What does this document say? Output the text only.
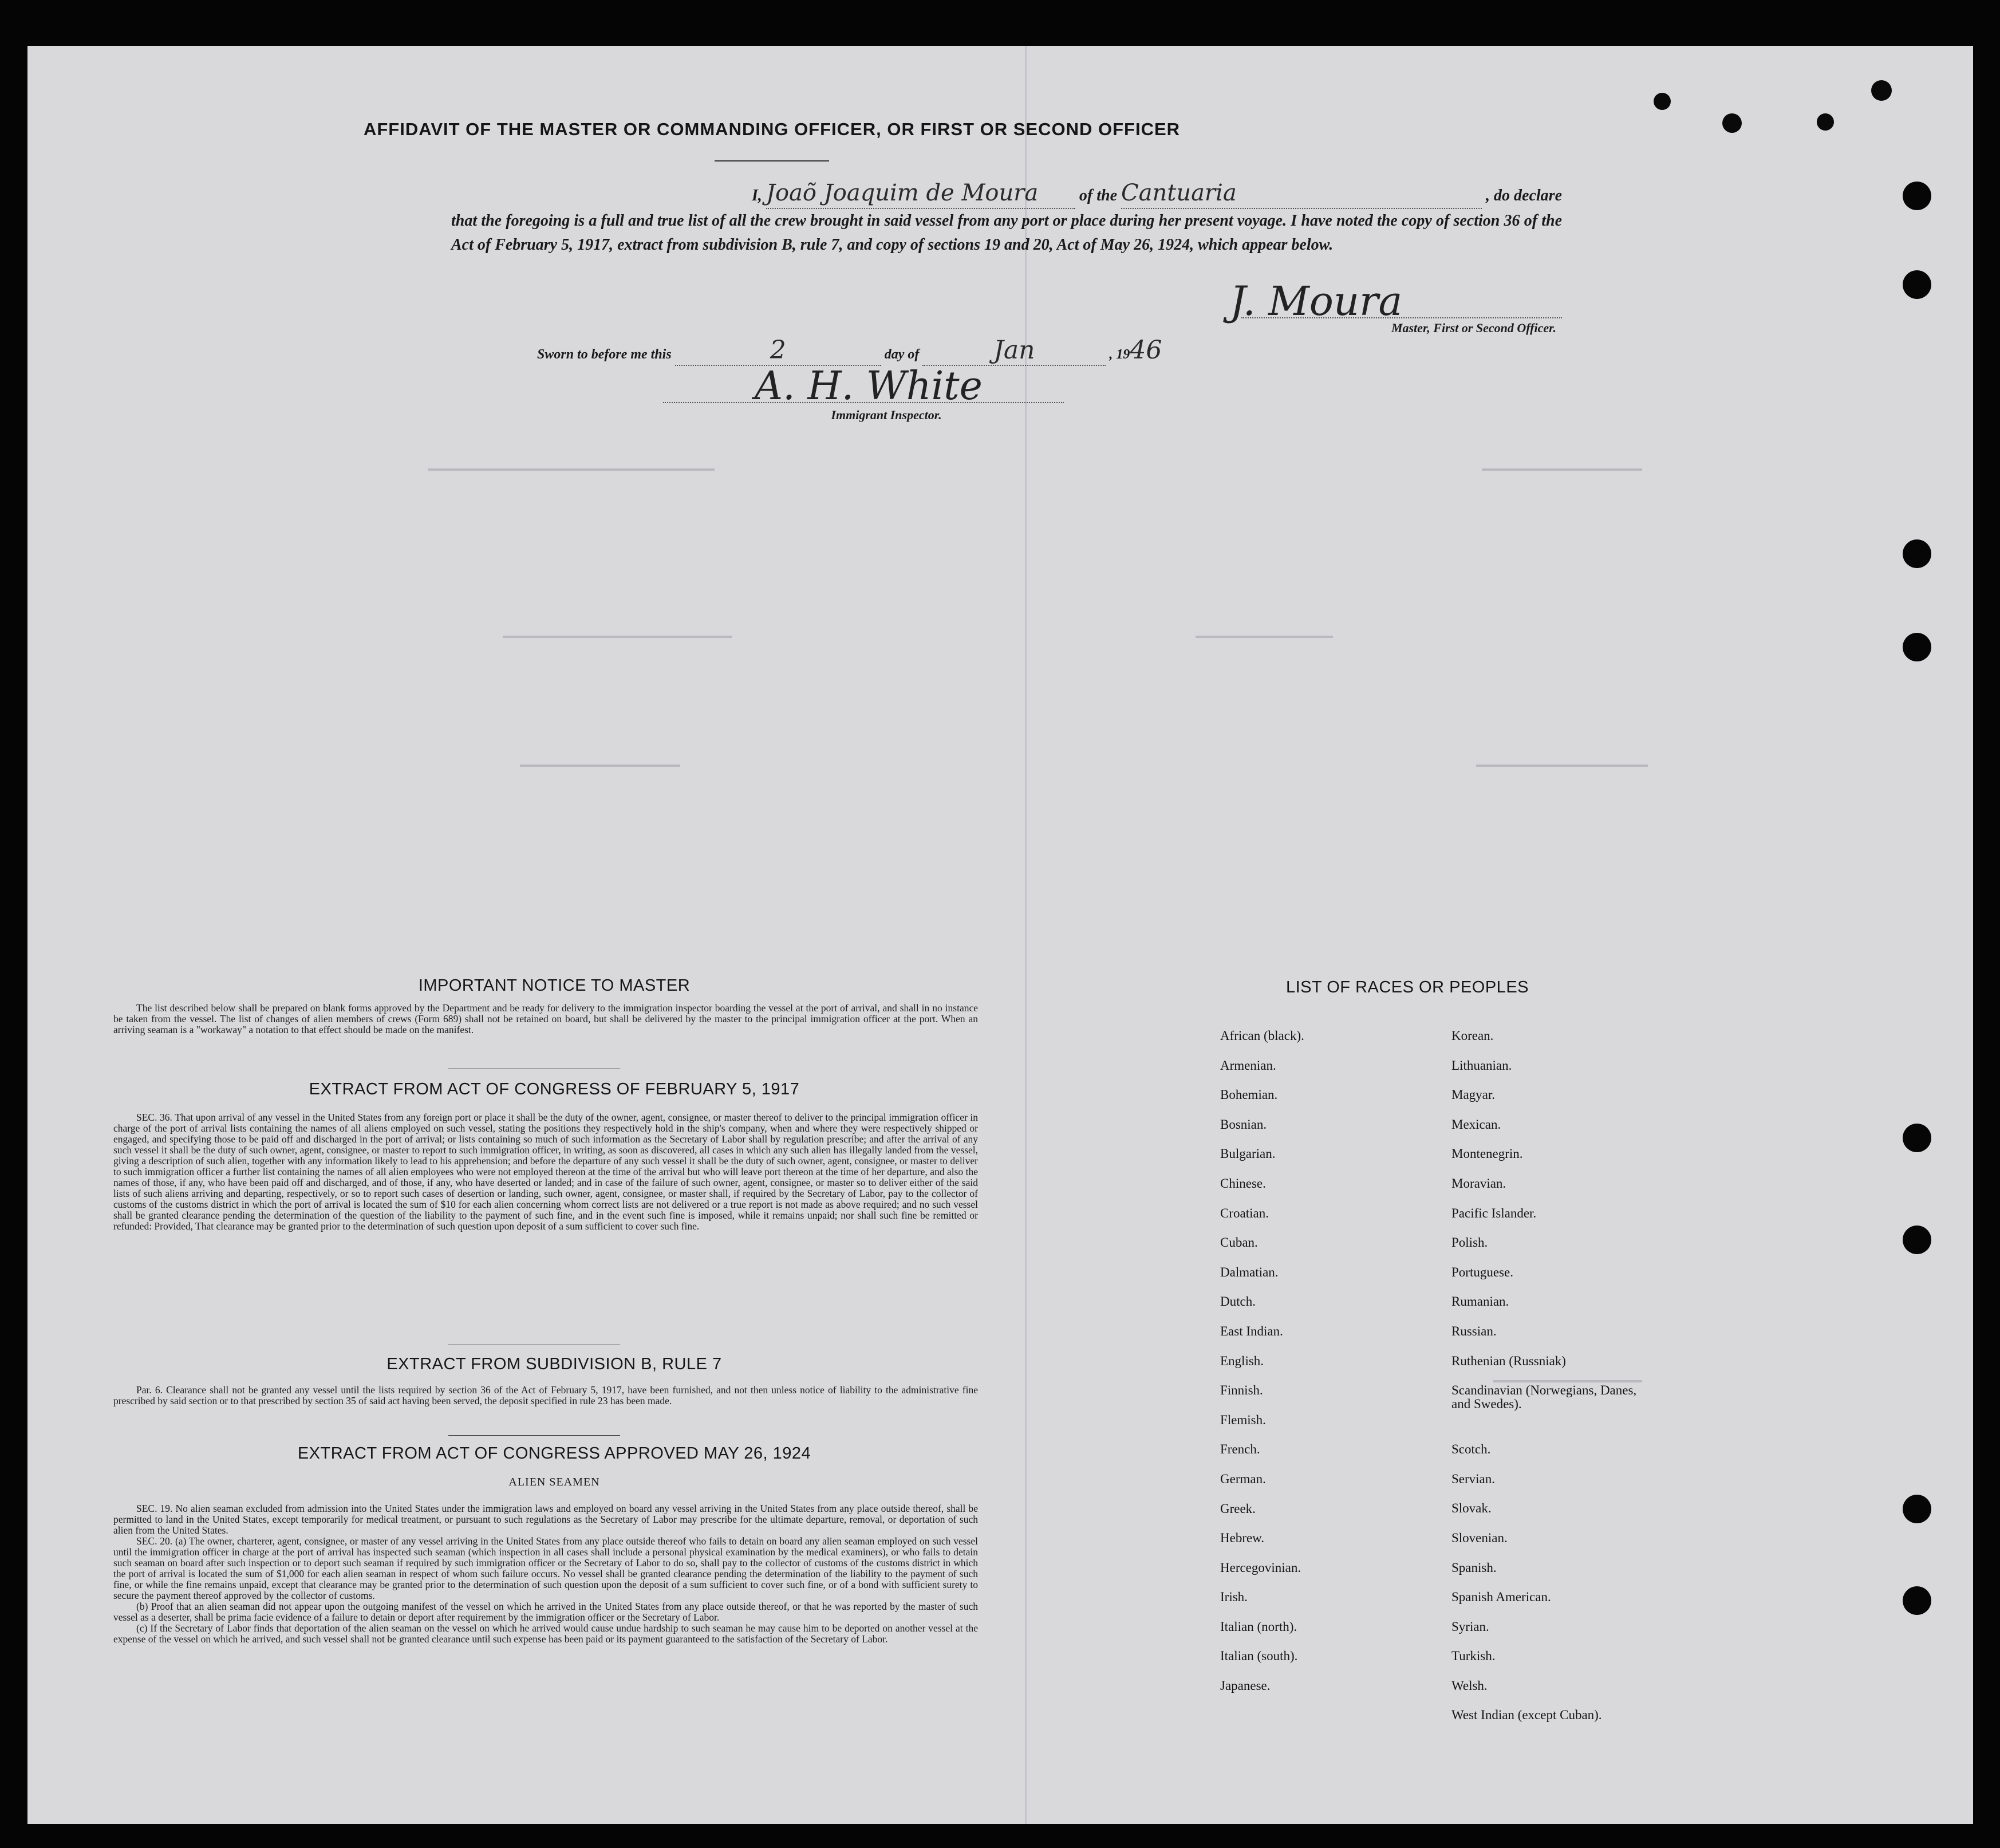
AFFIDAVIT OF THE MASTER OR COMMANDING OFFICER, OR FIRST OR SECOND OFFICER
I, Joaõ Joaquim de Moura	of the Cantuaria	, do declare
that the foregoing is a full and true list of all the crew brought in said vessel from any port or place during her present voyage. I have noted the copy of section 36 of the Act of February 5, 1917, extract from subdivision B, rule 7, and copy of sections 19 and 20, Act of May 26, 1924, which appear below.
J. Moura
Master, First or Second Officer.
Sworn to before me this	2	day of	Jan	, 1946
A. H. White
Immigrant Inspector.
IMPORTANT NOTICE TO MASTER
The list described below shall be prepared on blank forms approved by the Department and be ready for delivery to the immigration inspector boarding the vessel at the port of arrival, and shall in no instance be taken from the vessel. The list of changes of alien members of crews (Form 689) shall not be retained on board, but shall be delivered by the master to the principal immigration officer at the port. When an arriving seaman is a "workaway" a notation to that effect should be made on the manifest.
EXTRACT FROM ACT OF CONGRESS OF FEBRUARY 5, 1917
SEC. 36. That upon arrival of any vessel in the United States from any foreign port or place it shall be the duty of the owner, agent, consignee, or master thereof to deliver to the principal immigration officer in charge of the port of arrival lists containing the names of all aliens employed on such vessel, stating the positions they respectively hold in the ship's company, when and where they were respectively shipped or engaged, and specifying those to be paid off and discharged in the port of arrival; or lists containing so much of such information as the Secretary of Labor shall by regulation prescribe; and after the arrival of any such vessel it shall be the duty of such owner, agent, consignee, or master to report to such immigration officer, in writing, as soon as discovered, all cases in which any such alien has illegally landed from the vessel, giving a description of such alien, together with any information likely to lead to his apprehension; and before the departure of any such vessel it shall be the duty of such owner, agent, consignee, or master to deliver to such immigration officer a further list containing the names of all alien employees who were not employed thereon at the time of the arrival but who will leave port thereon at the time of her departure, and also the names of those, if any, who have been paid off and discharged, and of those, if any, who have deserted or landed; and in case of the failure of such owner, agent, consignee, or master so to deliver either of the said lists of such aliens arriving and departing, respectively, or so to report such cases of desertion or landing, such owner, agent, consignee, or master shall, if required by the Secretary of Labor, pay to the collector of customs of the customs district in which the port of arrival is located the sum of $10 for each alien concerning whom correct lists are not delivered or a true report is not made as above required; and no such vessel shall be granted clearance pending the determination of the question of the liability to the payment of such fine, and in the event such fine is imposed, while it remains unpaid; nor shall such fine be remitted or refunded: Provided, That clearance may be granted prior to the determination of such question upon deposit of a sum sufficient to cover such fine.
EXTRACT FROM SUBDIVISION B, RULE 7
Par. 6. Clearance shall not be granted any vessel until the lists required by section 36 of the Act of February 5, 1917, have been furnished, and not then unless notice of liability to the administrative fine prescribed by said section or to that prescribed by section 35 of said act having been served, the deposit specified in rule 23 has been made.
EXTRACT FROM ACT OF CONGRESS APPROVED MAY 26, 1924
ALIEN SEAMEN
SEC. 19. No alien seaman excluded from admission into the United States under the immigration laws and employed on board any vessel arriving in the United States from any place outside thereof, shall be permitted to land in the United States, except temporarily for medical treatment, or pursuant to such regulations as the Secretary of Labor may prescribe for the ultimate departure, removal, or deportation of such alien from the United States.
SEC. 20. (a) The owner, charterer, agent, consignee, or master of any vessel arriving in the United States from any place outside thereof who fails to detain on board any alien seaman employed on such vessel until the immigration officer in charge at the port of arrival has inspected such seaman (which inspection in all cases shall include a personal physical examination by the medical examiners), or who fails to detain such seaman on board after such inspection or to deport such seaman if required by such immigration officer or the Secretary of Labor to do so, shall pay to the collector of customs of the customs district in which the port of arrival is located the sum of $1,000 for each alien seaman in respect of whom such failure occurs. No vessel shall be granted clearance pending the determination of the liability to the payment of such fine, or while the fine remains unpaid, except that clearance may be granted prior to the determination of such question upon the deposit of a sum sufficient to cover such fine, or of a bond with sufficient surety to secure the payment thereof approved by the collector of customs.
(b) Proof that an alien seaman did not appear upon the outgoing manifest of the vessel on which he arrived in the United States from any place outside thereof, or that he was reported by the master of such vessel as a deserter, shall be prima facie evidence of a failure to detain or deport after requirement by the immigration officer or the Secretary of Labor.
(c) If the Secretary of Labor finds that deportation of the alien seaman on the vessel on which he arrived would cause undue hardship to such seaman he may cause him to be deported on another vessel at the expense of the vessel on which he arrived, and such vessel shall not be granted clearance until such expense has been paid or its payment guaranteed to the satisfaction of the Secretary of Labor.
LIST OF RACES OR PEOPLES
African (black).
Armenian.
Bohemian.
Bosnian.
Bulgarian.
Chinese.
Croatian.
Cuban.
Dalmatian.
Dutch.
East Indian.
English.
Finnish.
Flemish.
French.
German.
Greek.
Hebrew.
Hercegovinian.
Irish.
Italian (north).
Italian (south).
Japanese.
Korean.
Lithuanian.
Magyar.
Mexican.
Montenegrin.
Moravian.
Pacific Islander.
Polish.
Portuguese.
Rumanian.
Russian.
Ruthenian (Russniak)
Scandinavian (Norwegians, Danes, and Swedes).
Scotch.
Servian.
Slovak.
Slovenian.
Spanish.
Spanish American.
Syrian.
Turkish.
Welsh.
West Indian (except Cuban).
